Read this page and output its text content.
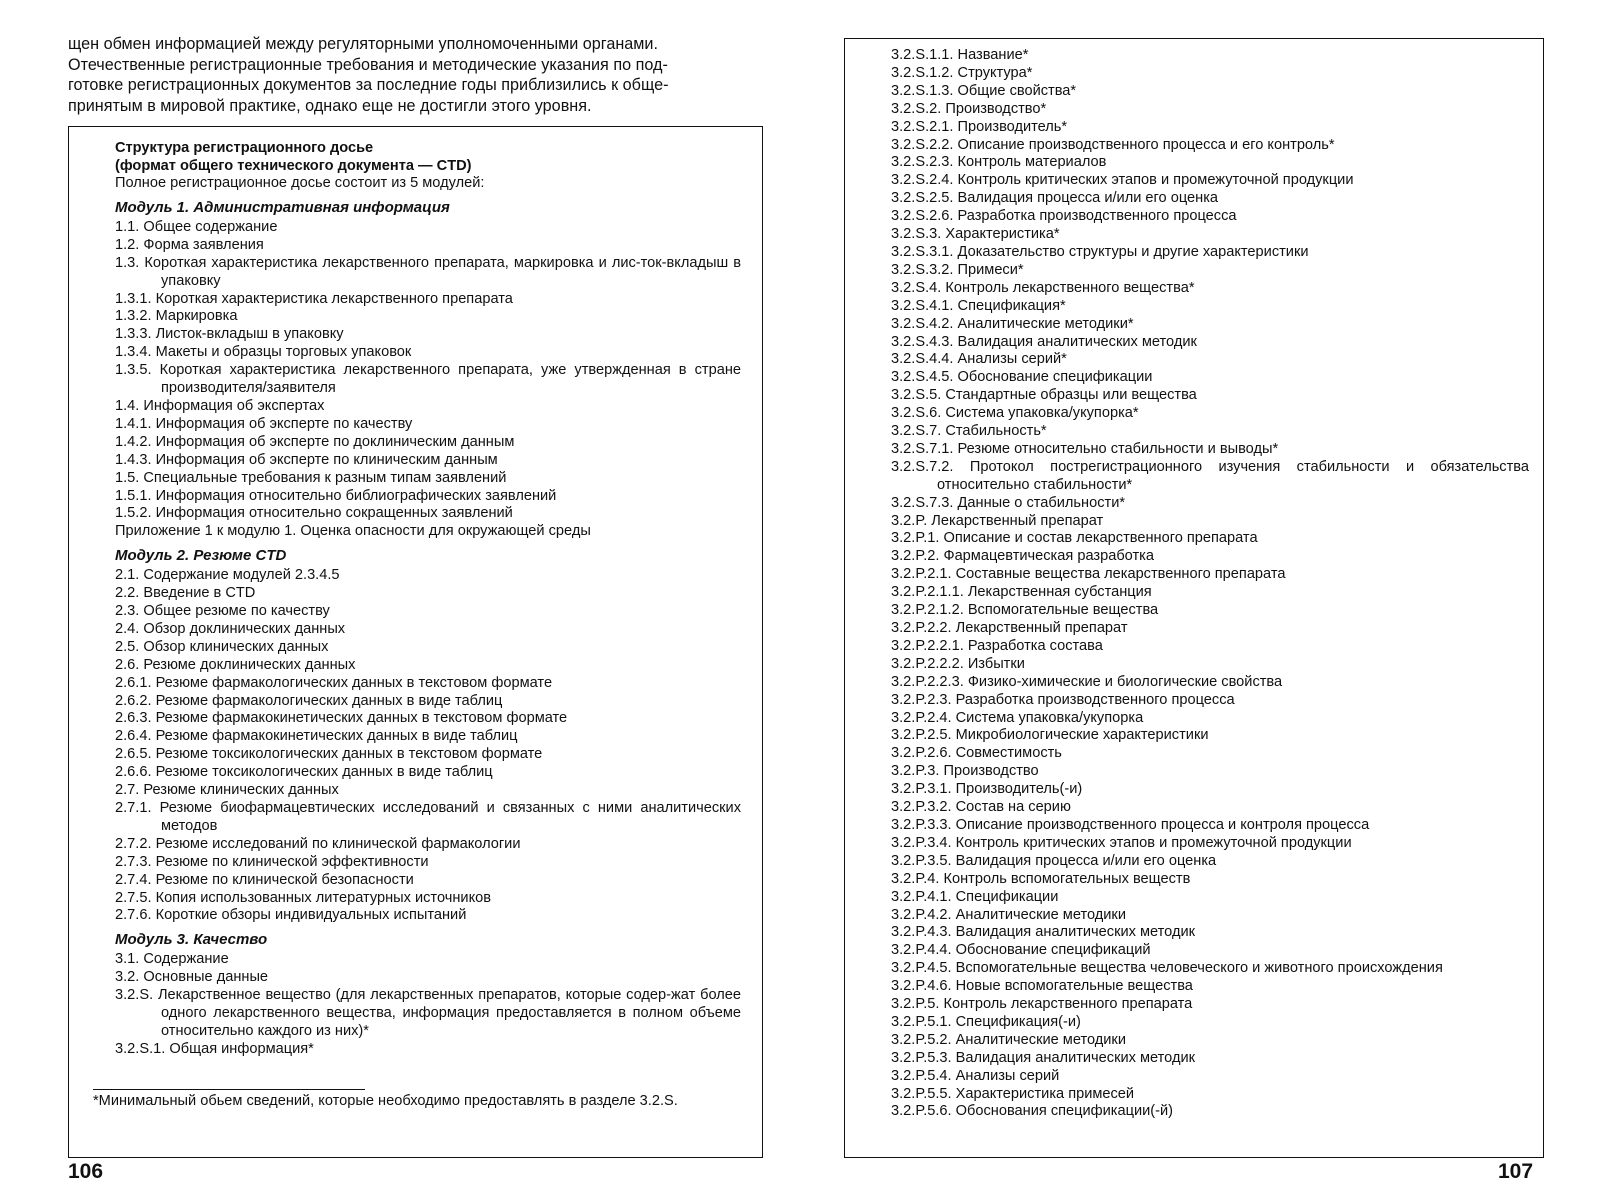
щен обмен информацией между регуляторными уполномоченными органами.

Отечественные регистрационные требования и методические указания по под-

готовке регистрационных документов за последние годы приблизились к обще-

принятым в мировой практике, однако еще не достигли этого уровня.

Структура регистрационного досье
(формат общего технического документа — CTD)
Полное регистрационное досье состоит из 5 модулей:
Модуль 1. Административная информация
1.1. Общее содержание
1.2. Форма заявления
1.3. Короткая характеристика лекарственного препарата, маркировка и лис-ток-вкладыш в упаковку
1.3.1. Короткая характеристика лекарственного препарата
1.3.2. Маркировка
1.3.3. Листок-вкладыш в упаковку
1.3.4. Макеты и образцы торговых упаковок
1.3.5. Короткая характеристика лекарственного препарата, уже утвержденная в стране производителя/заявителя
1.4. Информация об экспертах
1.4.1. Информация об эксперте по качеству
1.4.2. Информация об эксперте по доклиническим данным
1.4.3. Информация об эксперте по клиническим данным
1.5. Специальные требования к разным типам заявлений
1.5.1. Информация относительно библиографических заявлений
1.5.2. Информация относительно сокращенных заявлений
Приложение 1 к модулю 1. Оценка опасности для окружающей среды
Модуль 2. Резюме CTD
2.1. Содержание модулей 2.3.4.5
2.2. Введение в CTD
2.3. Общее резюме по качеству
2.4. Обзор доклинических данных
2.5. Обзор клинических данных
2.6. Резюме доклинических данных
2.6.1. Резюме фармакологических данных в текстовом формате
2.6.2. Резюме фармакологических данных в виде таблиц
2.6.3. Резюме фармакокинетических данных в текстовом формате
2.6.4. Резюме фармакокинетических данных в виде таблиц
2.6.5. Резюме токсикологических данных в текстовом формате
2.6.6. Резюме токсикологических данных в виде таблиц
2.7. Резюме клинических данных
2.7.1. Резюме биофармацевтических исследований и связанных с ними аналитических методов
2.7.2. Резюме исследований по клинической фармакологии
2.7.3. Резюме по клинической эффективности
2.7.4. Резюме по клинической безопасности
2.7.5. Копия использованных литературных источников
2.7.6. Короткие обзоры индивидуальных испытаний
Модуль 3. Качество
3.1. Содержание
3.2. Основные данные
3.2.S. Лекарственное вещество (для лекарственных препаратов, которые содер-жат более одного лекарственного вещества, информация предоставляется в полном объеме относительно каждого из них)*
3.2.S.1. Общая информация*
*Минимальный обьем сведений, которые необходимо предоставлять в разделе 3.2.S.
106
3.2.S.1.1. Название*
3.2.S.1.2. Структура*
3.2.S.1.3. Общие свойства*
3.2.S.2. Производство*
3.2.S.2.1. Производитель*
3.2.S.2.2. Описание производственного процесса и его контроль*
3.2.S.2.3. Контроль материалов
3.2.S.2.4. Контроль критических этапов и промежуточной продукции
3.2.S.2.5. Валидация процесса и/или его оценка
3.2.S.2.6. Разработка производственного процесса
3.2.S.3. Характеристика*
3.2.S.3.1. Доказательство структуры и другие характеристики
3.2.S.3.2. Примеси*
3.2.S.4. Контроль лекарственного вещества*
3.2.S.4.1. Спецификация*
3.2.S.4.2. Аналитические методики*
3.2.S.4.3. Валидация аналитических методик
3.2.S.4.4. Анализы серий*
3.2.S.4.5. Обоснование спецификации
3.2.S.5. Стандартные образцы или вещества
3.2.S.6. Система упаковка/укупорка*
3.2.S.7. Стабильность*
3.2.S.7.1. Резюме относительно стабильности и выводы*
3.2.S.7.2. Протокол пострегистрационного изучения стабильности и обязательства относительно стабильности*
3.2.S.7.3. Данные о стабильности*
3.2.P. Лекарственный препарат
3.2.P.1. Описание и состав лекарственного препарата
3.2.P.2. Фармацевтическая разработка
3.2.P.2.1. Составные вещества лекарственного препарата
3.2.P.2.1.1. Лекарственная субстанция
3.2.P.2.1.2. Вспомогательные вещества
3.2.P.2.2. Лекарственный препарат
3.2.P.2.2.1. Разработка состава
3.2.P.2.2.2. Избытки
3.2.P.2.2.3. Физико-химические и биологические свойства
3.2.P.2.3. Разработка производственного процесса
3.2.P.2.4. Система упаковка/укупорка
3.2.P.2.5. Микробиологические характеристики
3.2.P.2.6. Совместимость
3.2.P.3. Производство
3.2.P.3.1. Производитель(-и)
3.2.P.3.2. Состав на серию
3.2.P.3.3. Описание производственного процесса и контроля процесса
3.2.P.3.4. Контроль критических этапов и промежуточной продукции
3.2.P.3.5. Валидация процесса и/или его оценка
3.2.P.4. Контроль вспомогательных веществ
3.2.P.4.1. Спецификации
3.2.P.4.2. Аналитические методики
3.2.P.4.3. Валидация аналитических методик
3.2.P.4.4. Обоснование спецификаций
3.2.P.4.5. Вспомогательные вещества человеческого и животного происхождения
3.2.P.4.6. Новые вспомогательные вещества
3.2.P.5. Контроль лекарственного препарата
3.2.P.5.1. Спецификация(-и)
3.2.P.5.2. Аналитические методики
3.2.P.5.3. Валидация аналитических методик
3.2.P.5.4. Анализы серий
3.2.P.5.5. Характеристика примесей
3.2.P.5.6. Обоснования спецификации(-й)
107
